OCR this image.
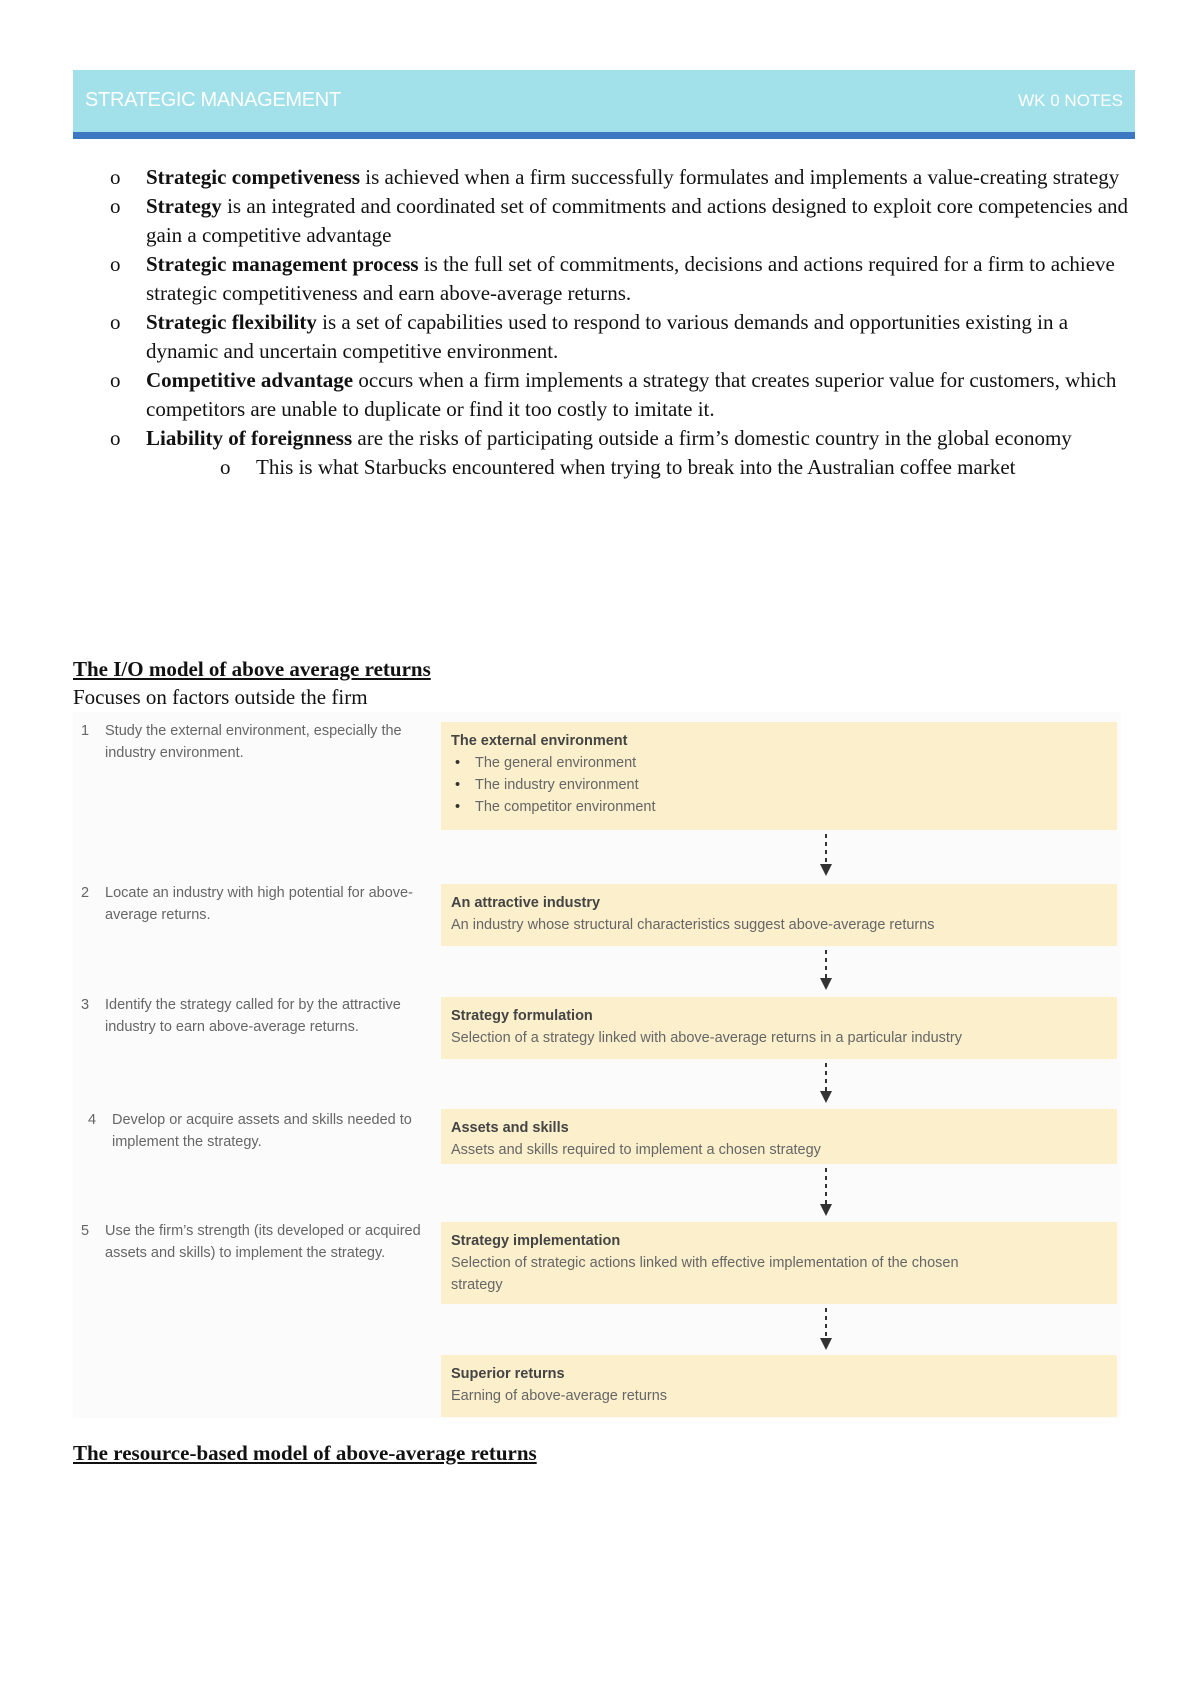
STRATEGIC MANAGEMENT	WK 0 NOTES
o Strategic competiveness is achieved when a firm successfully formulates and implements a value-creating strategy
o Strategy is an integrated and coordinated set of commitments and actions designed to exploit core competencies and gain a competitive advantage
o Strategic management process is the full set of commitments, decisions and actions required for a firm to achieve strategic competitiveness and earn above-average returns.
o Strategic flexibility is a set of capabilities used to respond to various demands and opportunities existing in a dynamic and uncertain competitive environment.
o Competitive advantage occurs when a firm implements a strategy that creates superior value for customers, which competitors are unable to duplicate or find it too costly to imitate it.
o Liability of foreignness are the risks of participating outside a firm’s domestic country in the global economy
o This is what Starbucks encountered when trying to break into the Australian coffee market
The I/O model of above average returns
Focuses on factors outside the firm
1	Study the external environment, especially the industry environment.
2	Locate an industry with high potential for above-average returns.
3	Identify the strategy called for by the attractive industry to earn above-average returns.
4	Develop or acquire assets and skills needed to implement the strategy.
5	Use the firm’s strength (its developed or acquired assets and skills) to implement the strategy.
The external environment
• The general environment
• The industry environment
• The competitor environment
An attractive industry
An industry whose structural characteristics suggest above-average returns
Strategy formulation
Selection of a strategy linked with above-average returns in a particular industry
Assets and skills
Assets and skills required to implement a chosen strategy
Strategy implementation
Selection of strategic actions linked with effective implementation of the chosen strategy
Superior returns
Earning of above-average returns
The resource-based model of above-average returns
